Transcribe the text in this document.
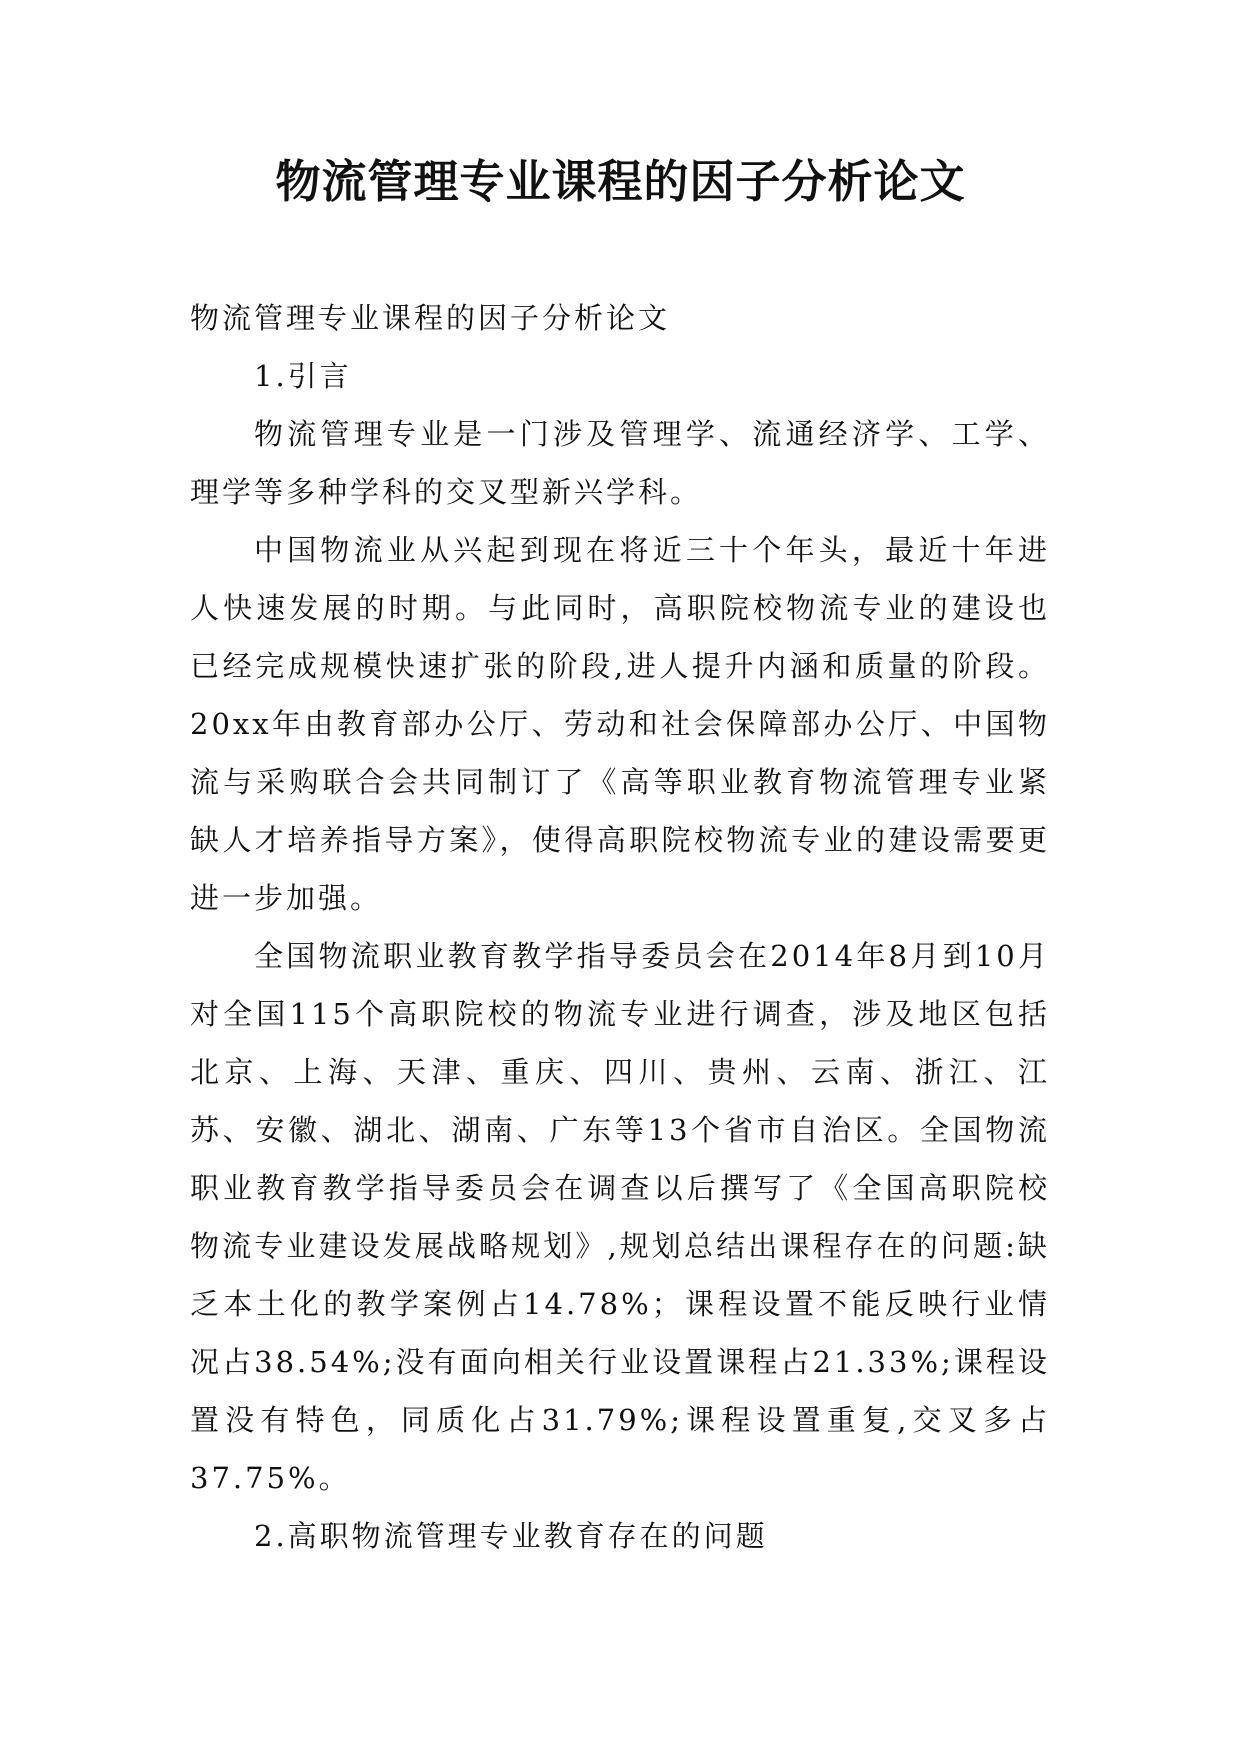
物流管理专业课程的因子分析论文

物流管理专业课程的因子分析论文

1.引言

物流管理专业是一门涉及管理学、流通经济学、工学、理学等多种学科的交叉型新兴学科。

中国物流业从兴起到现在将近三十个年头，最近十年进人快速发展的时期。与此同时，高职院校物流专业的建设也已经完成规模快速扩张的阶段,进人提升内涵和质量的阶段。20xx年由教育部办公厅、劳动和社会保障部办公厅、中国物流与采购联合会共同制订了《高等职业教育物流管理专业紧缺人才培养指导方案》，使得高职院校物流专业的建设需要更进一步加强。

全国物流职业教育教学指导委员会在2014年8月到10月对全国115个高职院校的物流专业进行调查，涉及地区包括北京、上海、天津、重庆、四川、贵州、云南、浙江、江苏、安徽、湖北、湖南、广东等13个省市自治区。全国物流职业教育教学指导委员会在调查以后撰写了《全国高职院校物流专业建设发展战略规划》,规划总结出课程存在的问题:缺乏本土化的教学案例占14.78%；课程设置不能反映行业情况占38.54%;没有面向相关行业设置课程占21.33%;课程设置没有特色，同质化占31.79%;课程设置重复,交叉多占37.75%。

2.高职物流管理专业教育存在的问题
